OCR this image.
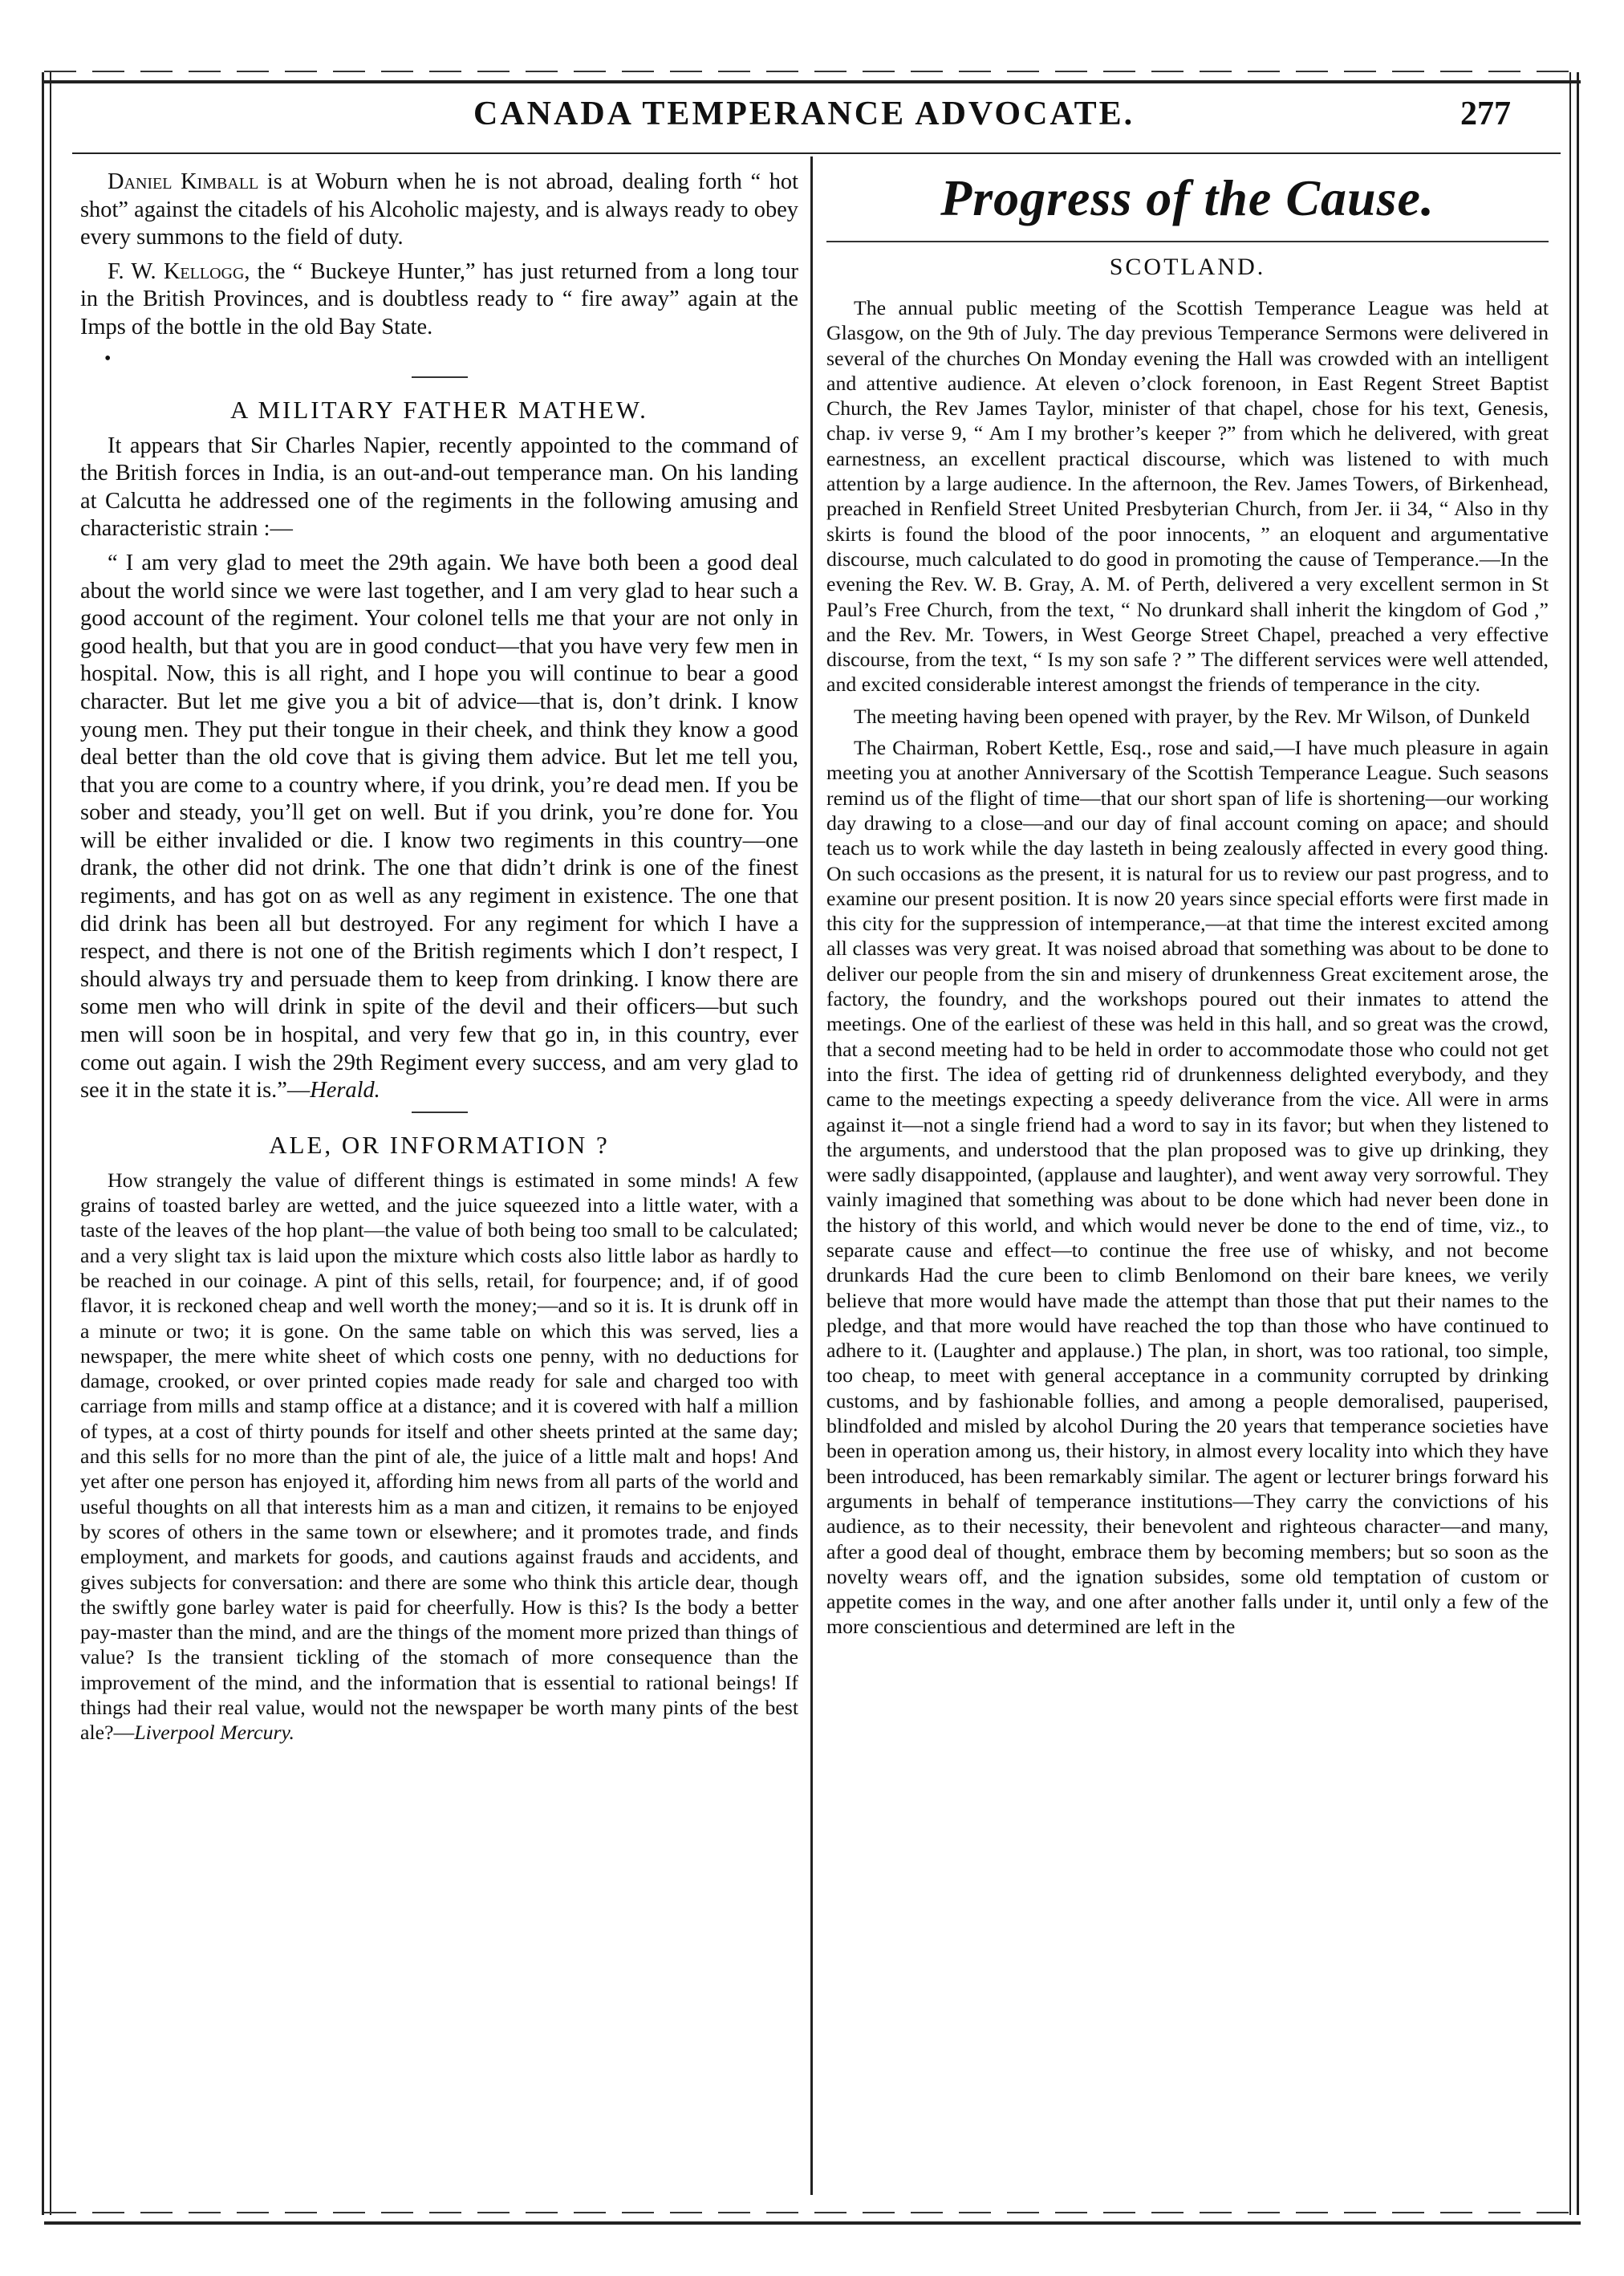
CANADA TEMPERANCE ADVOCATE.	277

Daniel Kimball is at Woburn when he is not abroad, dealing forth “ hot shot” against the citadels of his Alcoholic majesty, and is always ready to obey every summons to the field of duty.

F. W. Kellogg, the “ Buckeye Hunter,” has just returned from a long tour in the British Provinces, and is doubtless ready to “ fire away” again at the Imps of the bottle in the old Bay State.

•
A MILITARY FATHER MATHEW.

It appears that Sir Charles Napier, recently appointed to the command of the British forces in India, is an out-and-out temperance man. On his landing at Calcutta he addressed one of the regiments in the following amusing and characteristic strain :—

“ I am very glad to meet the 29th again. We have both been a good deal about the world since we were last together, and I am very glad to hear such a good account of the regiment. Your colonel tells me that your are not only in good health, but that you are in good conduct—that you have very few men in hospital. Now, this is all right, and I hope you will continue to bear a good character. But let me give you a bit of advice—that is, don’t drink. I know young men. They put their tongue in their cheek, and think they know a good deal better than the old cove that is giving them advice. But let me tell you, that you are come to a country where, if you drink, you’re dead men. If you be sober and steady, you’ll get on well. But if you drink, you’re done for. You will be either invalided or die. I know two regiments in this country—one drank, the other did not drink. The one that didn’t drink is one of the finest regiments, and has got on as well as any regiment in existence. The one that did drink has been all but destroyed. For any regiment for which I have a respect, and there is not one of the British regiments which I don’t respect, I should always try and persuade them to keep from drinking. I know there are some men who will drink in spite of the devil and their officers—but such men will soon be in hospital, and very few that go in, in this country, ever come out again. I wish the 29th Regiment every success, and am very glad to see it in the state it is.”—Herald.

ALE, OR INFORMATION ?

How strangely the value of different things is estimated in some minds! A few grains of toasted barley are wetted, and the juice squeezed into a little water, with a taste of the leaves of the hop plant—the value of both being too small to be calculated; and a very slight tax is laid upon the mixture which costs also little labor as hardly to be reached in our coinage. A pint of this sells, retail, for fourpence; and, if of good flavor, it is reckoned cheap and well worth the money;—and so it is. It is drunk off in a minute or two; it is gone. On the same table on which this was served, lies a newspaper, the mere white sheet of which costs one penny, with no deductions for damage, crooked, or over printed copies made ready for sale and charged too with carriage from mills and stamp office at a distance; and it is covered with half a million of types, at a cost of thirty pounds for itself and other sheets printed at the same day; and this sells for no more than the pint of ale, the juice of a little malt and hops! And yet after one person has enjoyed it, affording him news from all parts of the world and useful thoughts on all that interests him as a man and citizen, it remains to be enjoyed by scores of others in the same town or elsewhere; and it promotes trade, and finds employment, and markets for goods, and cautions against frauds and accidents, and gives subjects for conversation: and there are some who think this article dear, though the swiftly gone barley water is paid for cheerfully. How is this? Is the body a better pay-master than the mind, and are the things of the moment more prized than things of value? Is the transient tickling of the stomach of more consequence than the improvement of the mind, and the information that is essential to rational beings! If things had their real value, would not the newspaper be worth many pints of the best ale?—Liverpool Mercury.

Progress of the Cause.
SCOTLAND.

The annual public meeting of the Scottish Temperance League was held at Glasgow, on the 9th of July. The day previous Temperance Sermons were delivered in several of the churches On Monday evening the Hall was crowded with an intelligent and attentive audience. At eleven o’clock forenoon, in East Regent Street Baptist Church, the Rev James Taylor, minister of that chapel, chose for his text, Genesis, chap. iv verse 9, “ Am I my brother’s keeper ?” from which he delivered, with great earnestness, an excellent practical discourse, which was listened to with much attention by a large audience. In the afternoon, the Rev. James Towers, of Birkenhead, preached in Renfield Street United Presbyterian Church, from Jer. ii 34, “ Also in thy skirts is found the blood of the poor innocents, ” an eloquent and argumentative discourse, much calculated to do good in promoting the cause of Temperance.—In the evening the Rev. W. B. Gray, A. M. of Perth, delivered a very excellent sermon in St Paul’s Free Church, from the text, “ No drunkard shall inherit the kingdom of God ,” and the Rev. Mr. Towers, in West George Street Chapel, preached a very effective discourse, from the text, “ Is my son safe ? ” The different services were well attended, and excited considerable interest amongst the friends of temperance in the city.

The meeting having been opened with prayer, by the Rev. Mr Wilson, of Dunkeld

The Chairman, Robert Kettle, Esq., rose and said,—I have much pleasure in again meeting you at another Anniversary of the Scottish Temperance League. Such seasons remind us of the flight of time—that our short span of life is shortening—our working day drawing to a close—and our day of final account coming on apace; and should teach us to work while the day lasteth in being zealously affected in every good thing. On such occasions as the present, it is natural for us to review our past progress, and to examine our present position. It is now 20 years since special efforts were first made in this city for the suppression of intemperance,—at that time the interest excited among all classes was very great. It was noised abroad that something was about to be done to deliver our people from the sin and misery of drunkenness Great excitement arose, the factory, the foundry, and the workshops poured out their inmates to attend the meetings. One of the earliest of these was held in this hall, and so great was the crowd, that a second meeting had to be held in order to accommodate those who could not get into the first. The idea of getting rid of drunkenness delighted everybody, and they came to the meetings expecting a speedy deliverance from the vice. All were in arms against it—not a single friend had a word to say in its favor; but when they listened to the arguments, and understood that the plan proposed was to give up drinking, they were sadly disappointed, (applause and laughter), and went away very sorrowful. They vainly imagined that something was about to be done which had never been done in the history of this world, and which would never be done to the end of time, viz., to separate cause and effect—to continue the free use of whisky, and not become drunkards Had the cure been to climb Benlomond on their bare knees, we verily believe that more would have made the attempt than those that put their names to the pledge, and that more would have reached the top than those who have continued to adhere to it. (Laughter and applause.) The plan, in short, was too rational, too simple, too cheap, to meet with general acceptance in a community corrupted by drinking customs, and by fashionable follies, and among a people demoralised, pauperised, blindfolded and misled by alcohol During the 20 years that temperance societies have been in operation among us, their history, in almost every locality into which they have been introduced, has been remarkably similar. The agent or lecturer brings forward his arguments in behalf of temperance institutions—They carry the convictions of his audience, as to their necessity, their benevolent and righteous character—and many, after a good deal of thought, embrace them by becoming members; but so soon as the novelty wears off, and the ignation subsides, some old temptation of custom or appetite comes in the way, and one after another falls under it, until only a few of the more conscientious and determined are left in the
